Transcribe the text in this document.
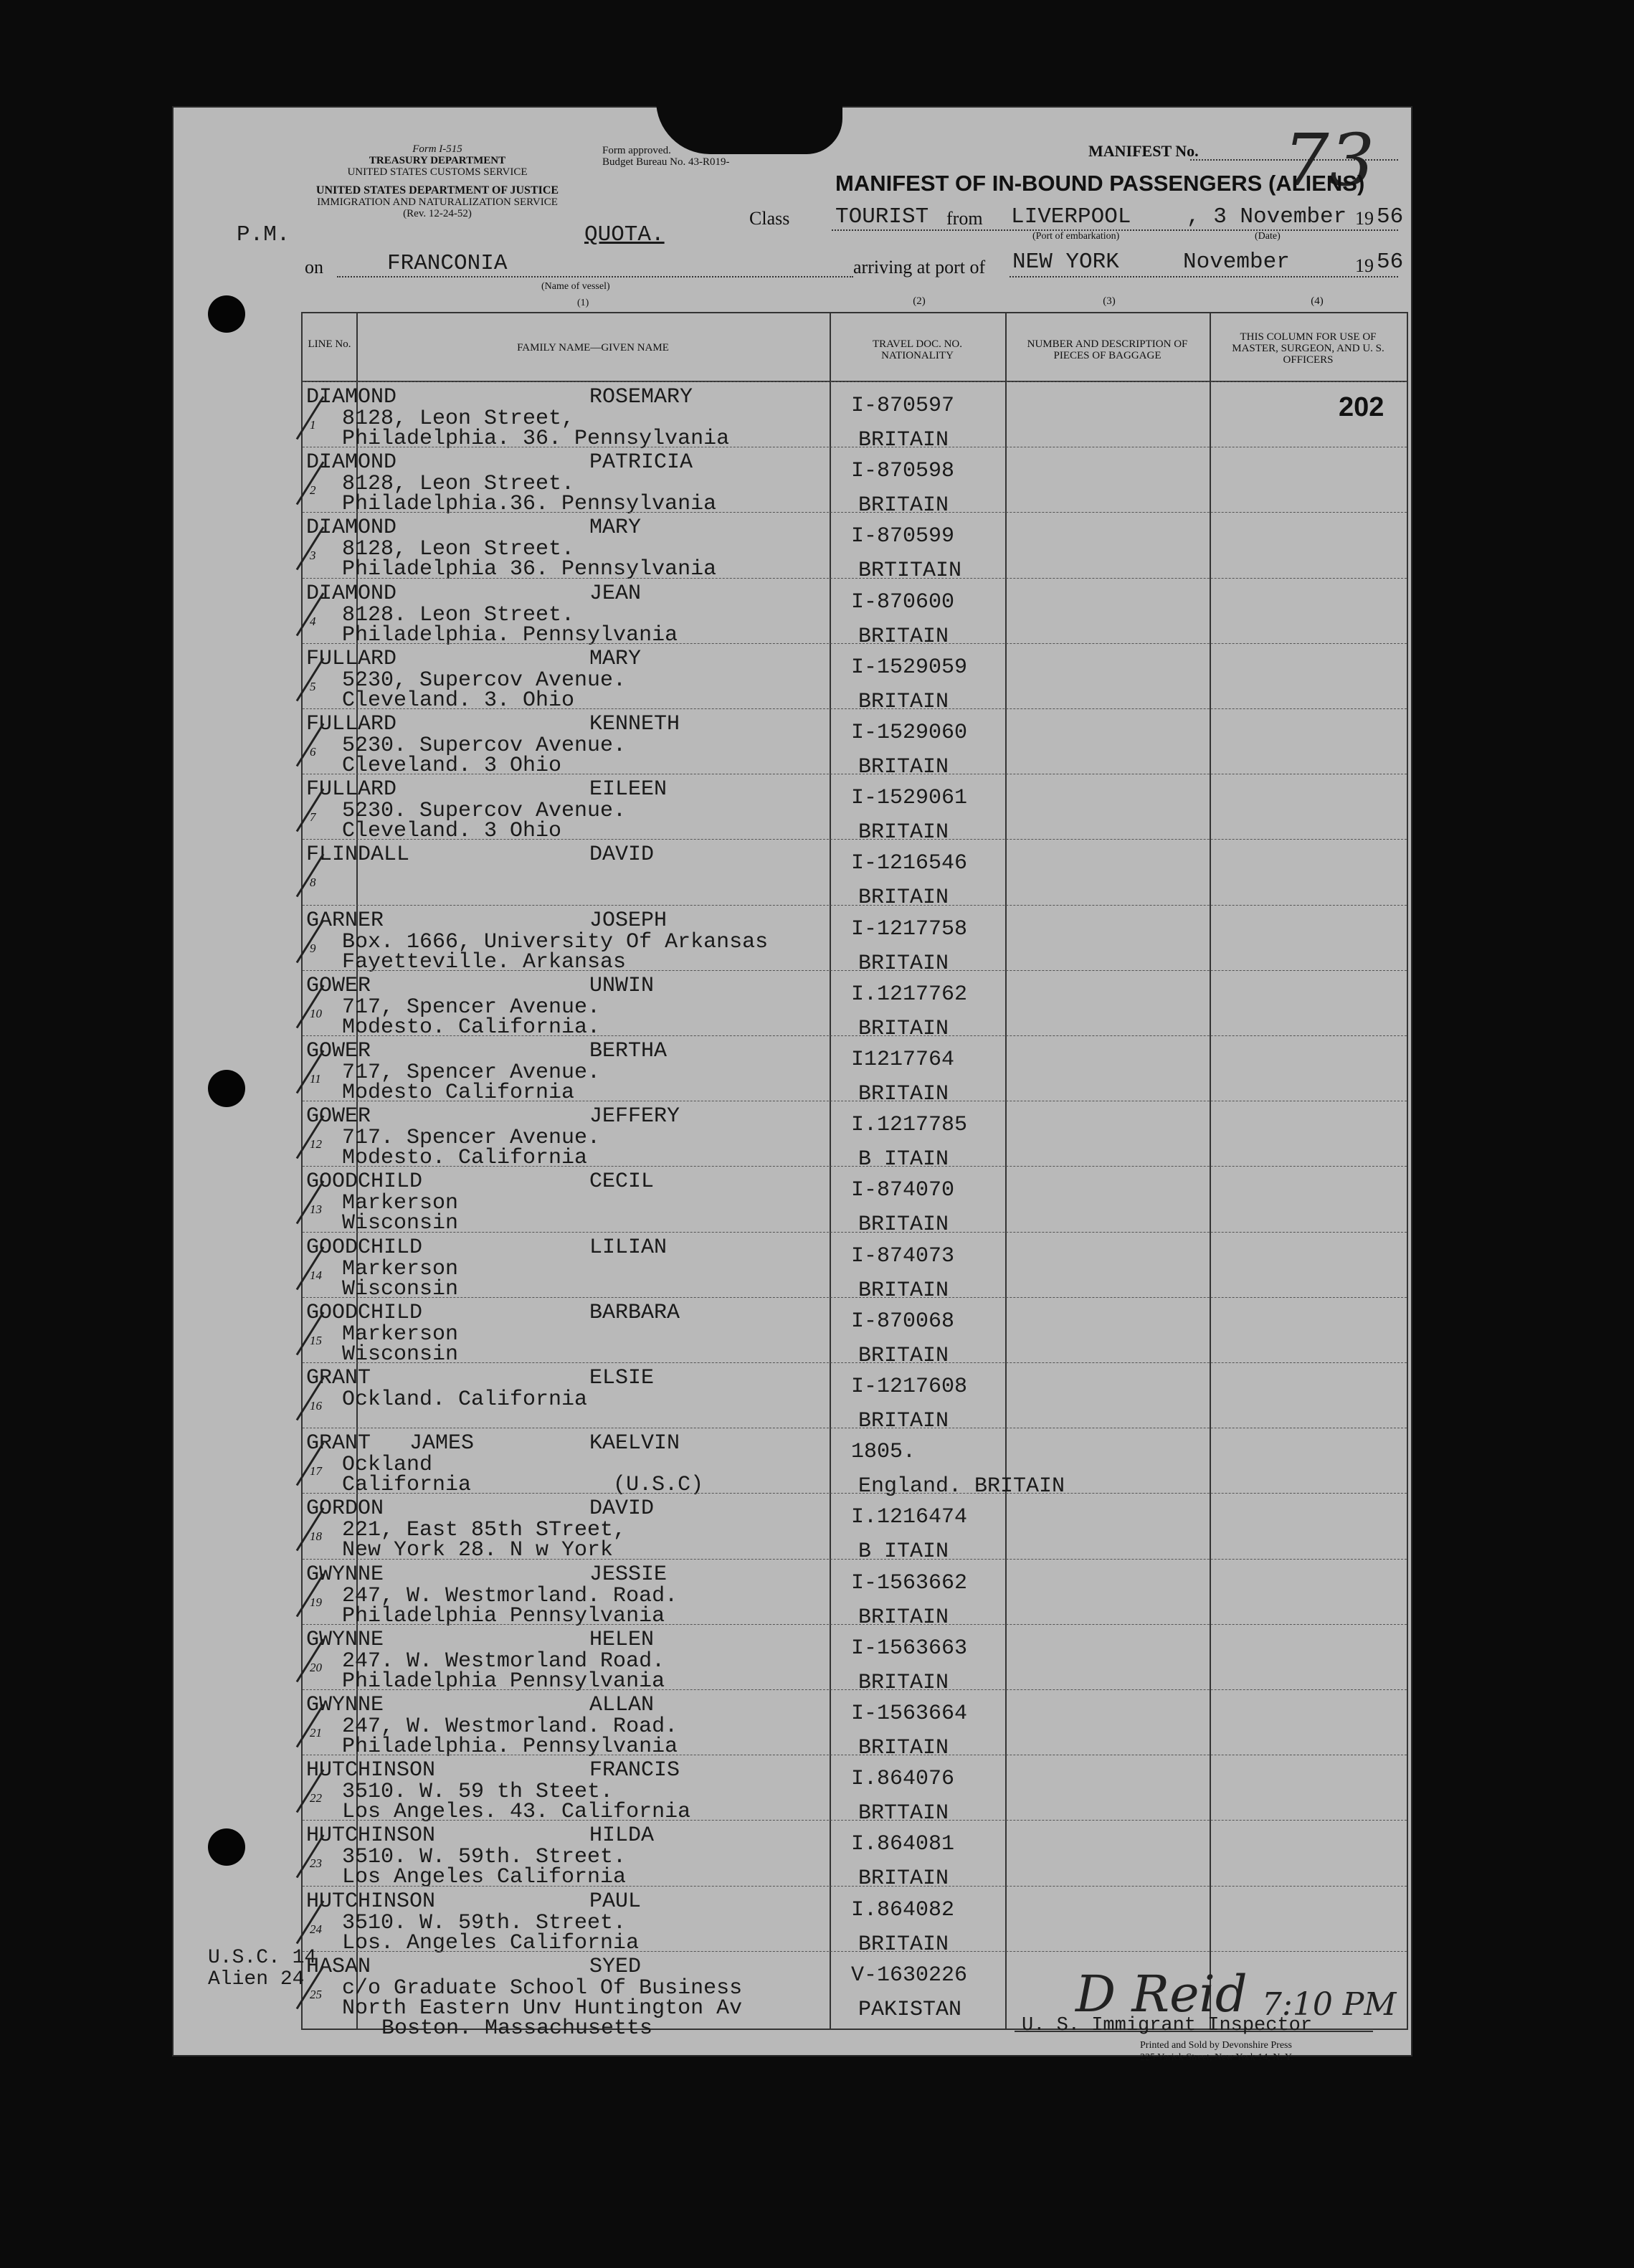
Form I-515
TREASURY DEPARTMENT
UNITED STATES CUSTOMS SERVICE
Form approved.
Budget Bureau No. 43-R019-
UNITED STATES DEPARTMENT OF JUSTICE
IMMIGRATION AND NATURALIZATION SERVICE
(Rev. 12-24-52)
MANIFEST No. 73
MANIFEST OF IN-BOUND PASSENGERS (ALIENS)
P.M.	QUOTA.
Class TOURIST from LIVERPOOL
(Port of embarkation)
, 3 November 19 56
(Date)
on	FRANCONIA
(Name of vessel)
(1)
arriving at port of NEW YORK	November	19 56
LINE No.	FAMILY NAME—GIVEN NAME	TRAVEL DOC. NO. NATIONALITY
NUMBER AND DESCRIPTION OF PIECES OF BAGGAGE
THIS COLUMN FOR USE OF MASTER, SURGEON, AND U. S. OFFICERS
(2)	(3)	(4)
202
1
DIAMOND	ROSEMARY
8128, Leon Street,
Philadelphia. 36. Pennsylvania
I-870597
BRITAIN
2
DIAMOND	PATRICIA
8128, Leon Street.
Philadelphia.36. Pennsylvania
I-870598
BRITAIN
3
DIAMOND	MARY
8128, Leon Street.
Philadelphia 36. Pennsylvania
I-870599
BRTITAIN
4
DIAMOND	JEAN
8128. Leon Street.
Philadelphia. Pennsylvania
I-870600
BRITAIN
5
FULLARD	MARY
5230, Supercov Avenue.
Cleveland. 3. Ohio
I-1529059
BRITAIN
6
FULLARD	KENNETH
5230. Supercov Avenue.
Cleveland. 3 Ohio
I-1529060
BRITAIN
7
FULLARD	EILEEN
5230. Supercov Avenue.
Cleveland. 3 Ohio
I-1529061
BRITAIN
8
FLINDALL	DAVID	I-1216546
BRITAIN
9
GARNER	JOSEPH
Box. 1666, University Of Arkansas
Fayetteville. Arkansas
I-1217758
BRITAIN
10
GOWER	UNWIN
717, Spencer Avenue.
Modesto. California.
I.1217762
BRITAIN
11
GOWER	BERTHA
717, Spencer Avenue.
Modesto California
I1217764
BRITAIN
12
GOWER	JEFFERY
717. Spencer Avenue.
Modesto. California
I.1217785
B ITAIN
13
GOODCHILD	CECIL
Markerson
Wisconsin
I-874070
BRITAIN
14
GOODCHILD	LILIAN
Markerson
Wisconsin
I-874073
BRITAIN
15
GOODCHILD	BARBARA
Markerson
Wisconsin
I-870068
BRITAIN
16
GRANT	ELSIE
Ockland. California
I-1217608
BRITAIN
17
GRANT   JAMES	KAELVIN
Ockland
California           (U.S.C)
1805.
England. BRITAIN
18
GORDON	DAVID
221, East 85th STreet,
New York 28. N w York
I.1216474
B ITAIN
19
GWYNNE	JESSIE
247, W. Westmorland. Road.
Philadelphia Pennsylvania
I-1563662
BRITAIN
20
GWYNNE	HELEN
247. W. Westmorland Road.
Philadelphia Pennsylvania
I-1563663
BRITAIN
21
GWYNNE	ALLAN
247, W. Westmorland. Road.
Philadelphia. Pennsylvania
I-1563664
BRITAIN
22
HUTCHINSON	FRANCIS
3510. W. 59 th Steet.
Los Angeles. 43. California
I.864076
BRTTAIN
23
HUTCHINSON	HILDA
3510. W. 59th. Street.
Los Angeles California
I.864081
BRITAIN
24
HUTCHINSON	PAUL
3510. W. 59th. Street.
Los. Angeles California
I.864082
BRITAIN
25
HASAN	SYED
c/o Graduate School Of Business
North Eastern Unv Huntington Av
V-1630226
PAKISTAN
Boston. Massachusetts
U.S.C. 14
Alien 24	D Reid 7:10 PM
U. S. Immigrant Inspector
Printed and Sold by Devonshire Press
225 Varick Street, New York 14, N. Y.
